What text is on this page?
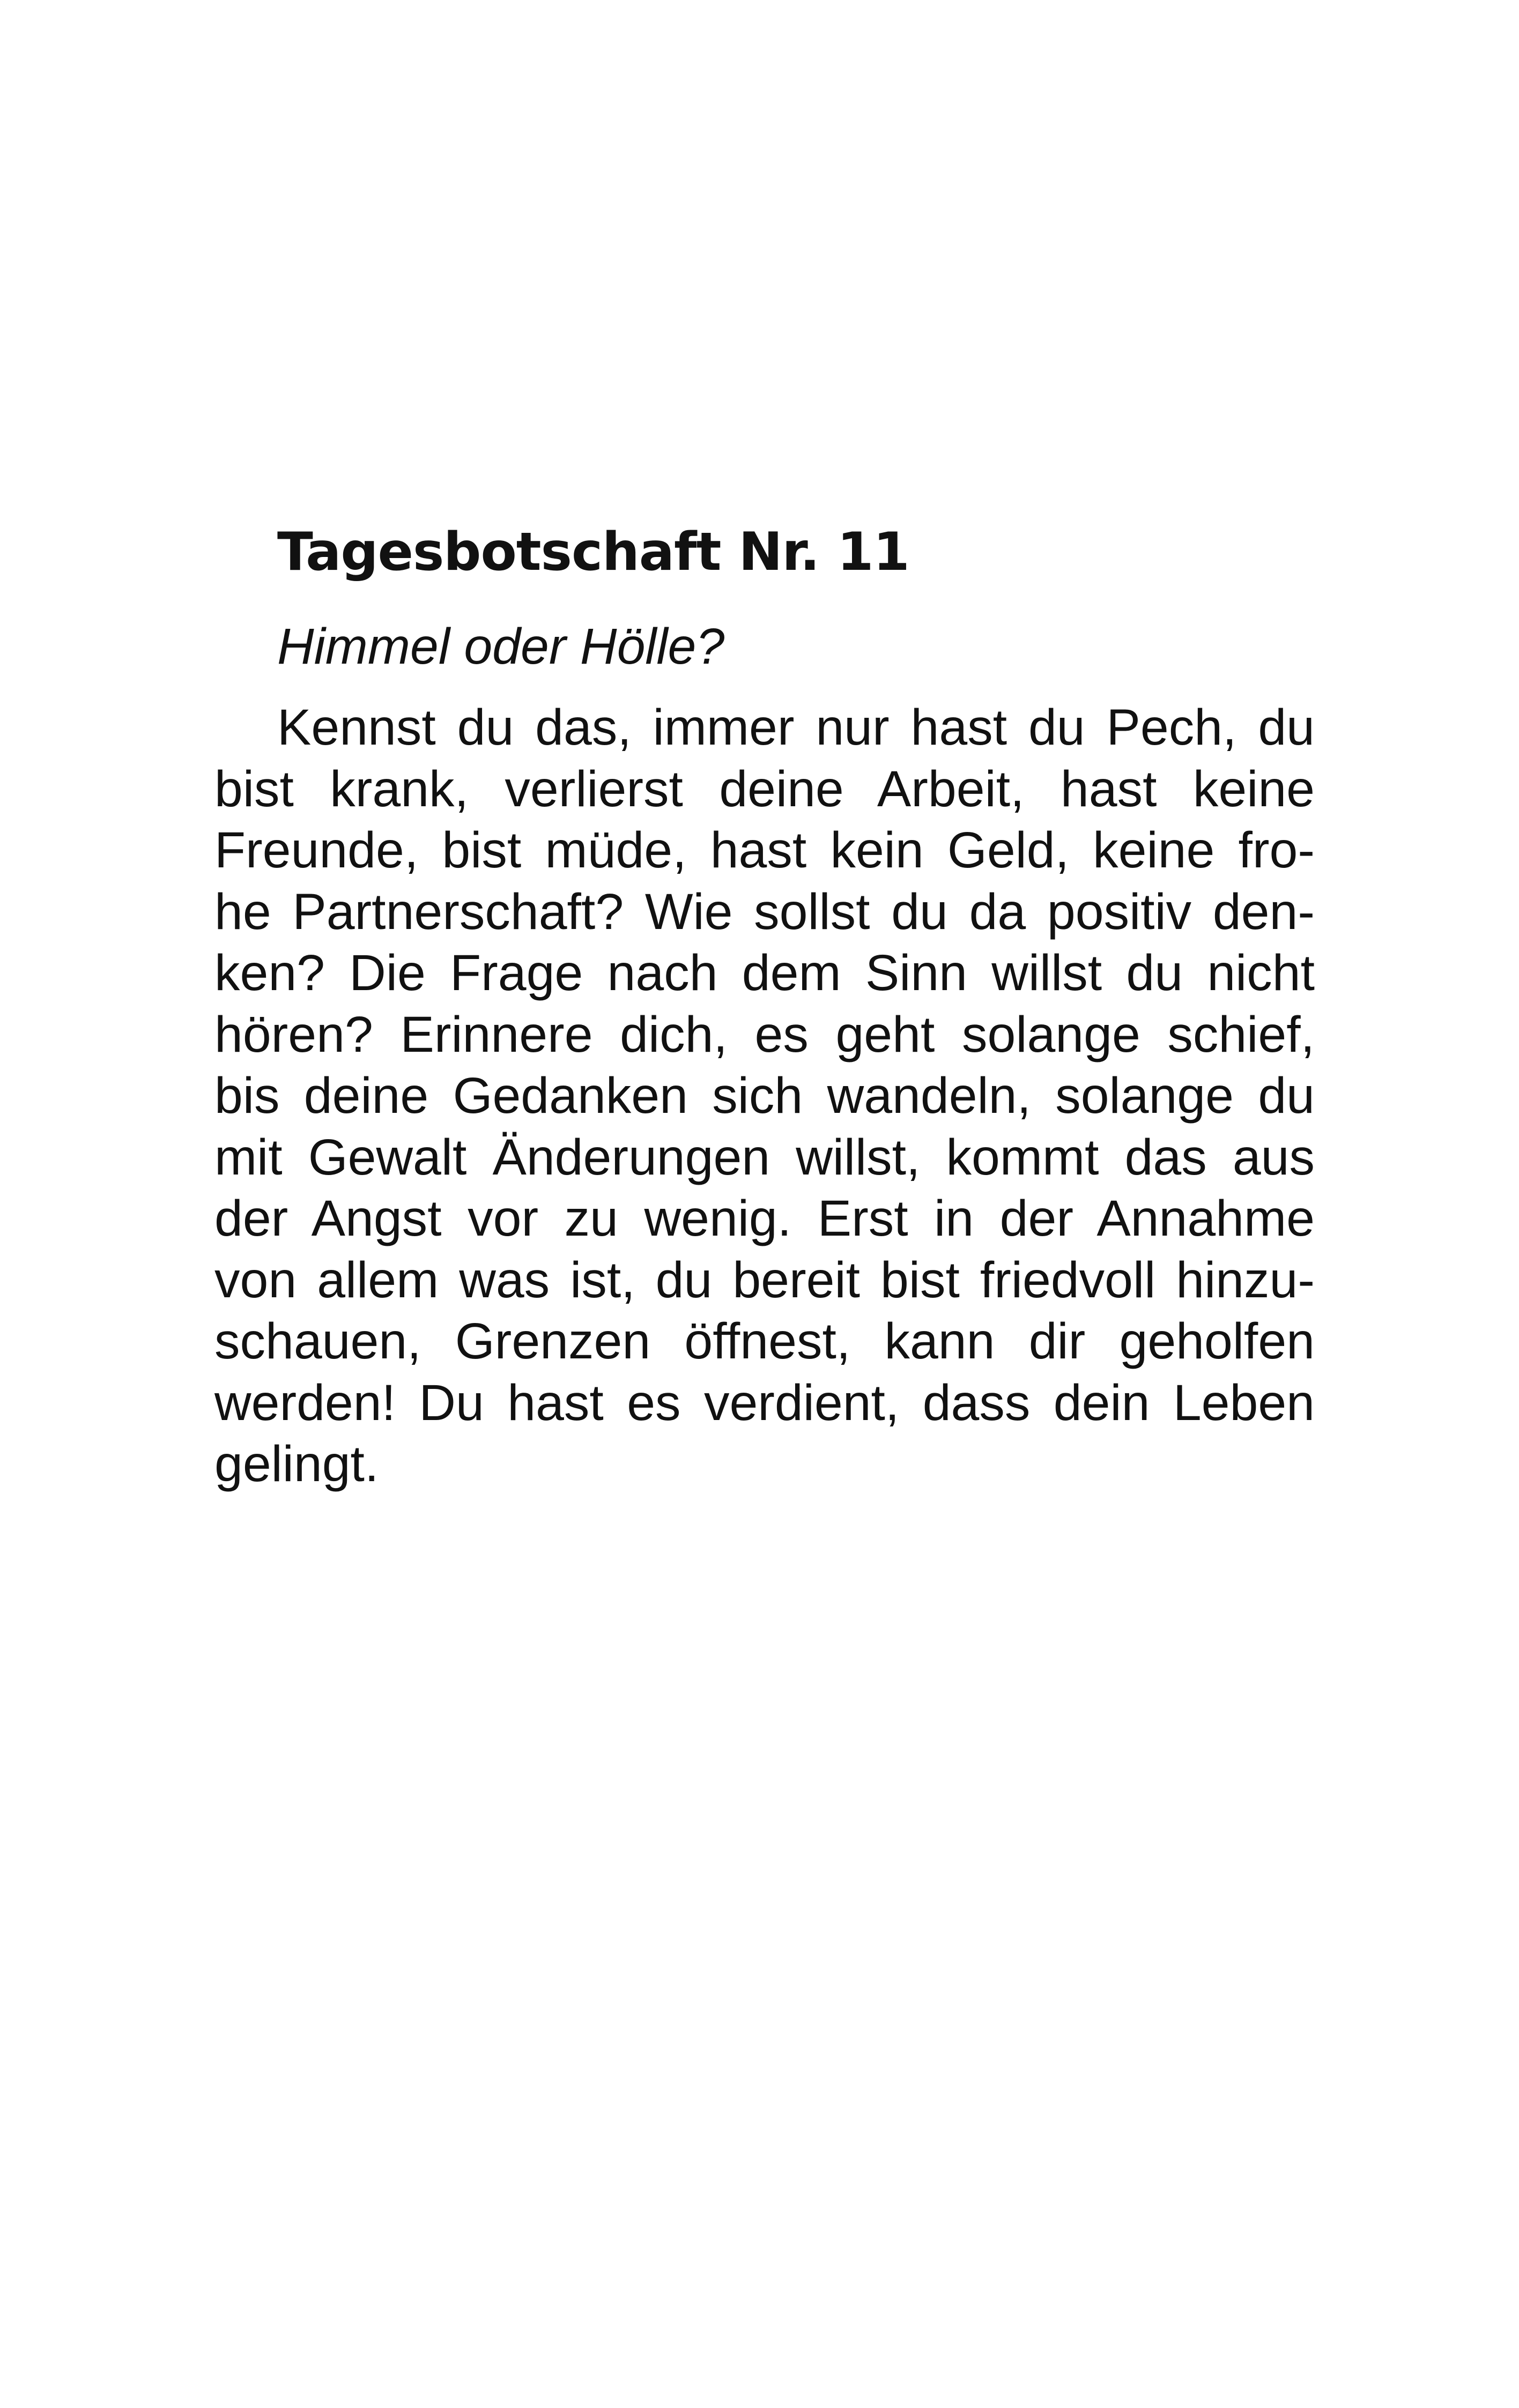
Tagesbotschaft Nr. 11

Himmel oder Hölle?

Kennst du das, immer nur hast du Pech, du
bist krank, verlierst deine Arbeit, hast keine
Freunde, bist müde, hast kein Geld, keine fro-
he Partnerschaft? Wie sollst du da positiv den-
ken? Die Frage nach dem Sinn willst du nicht
hören? Erinnere dich, es geht solange schief,
bis deine Gedanken sich wandeln, solange du
mit Gewalt Änderungen willst, kommt das aus
der Angst vor zu wenig. Erst in der Annahme
von allem was ist, du bereit bist friedvoll hinzu-
schauen, Grenzen öffnest, kann dir geholfen
werden! Du hast es verdient, dass dein Leben
gelingt.
